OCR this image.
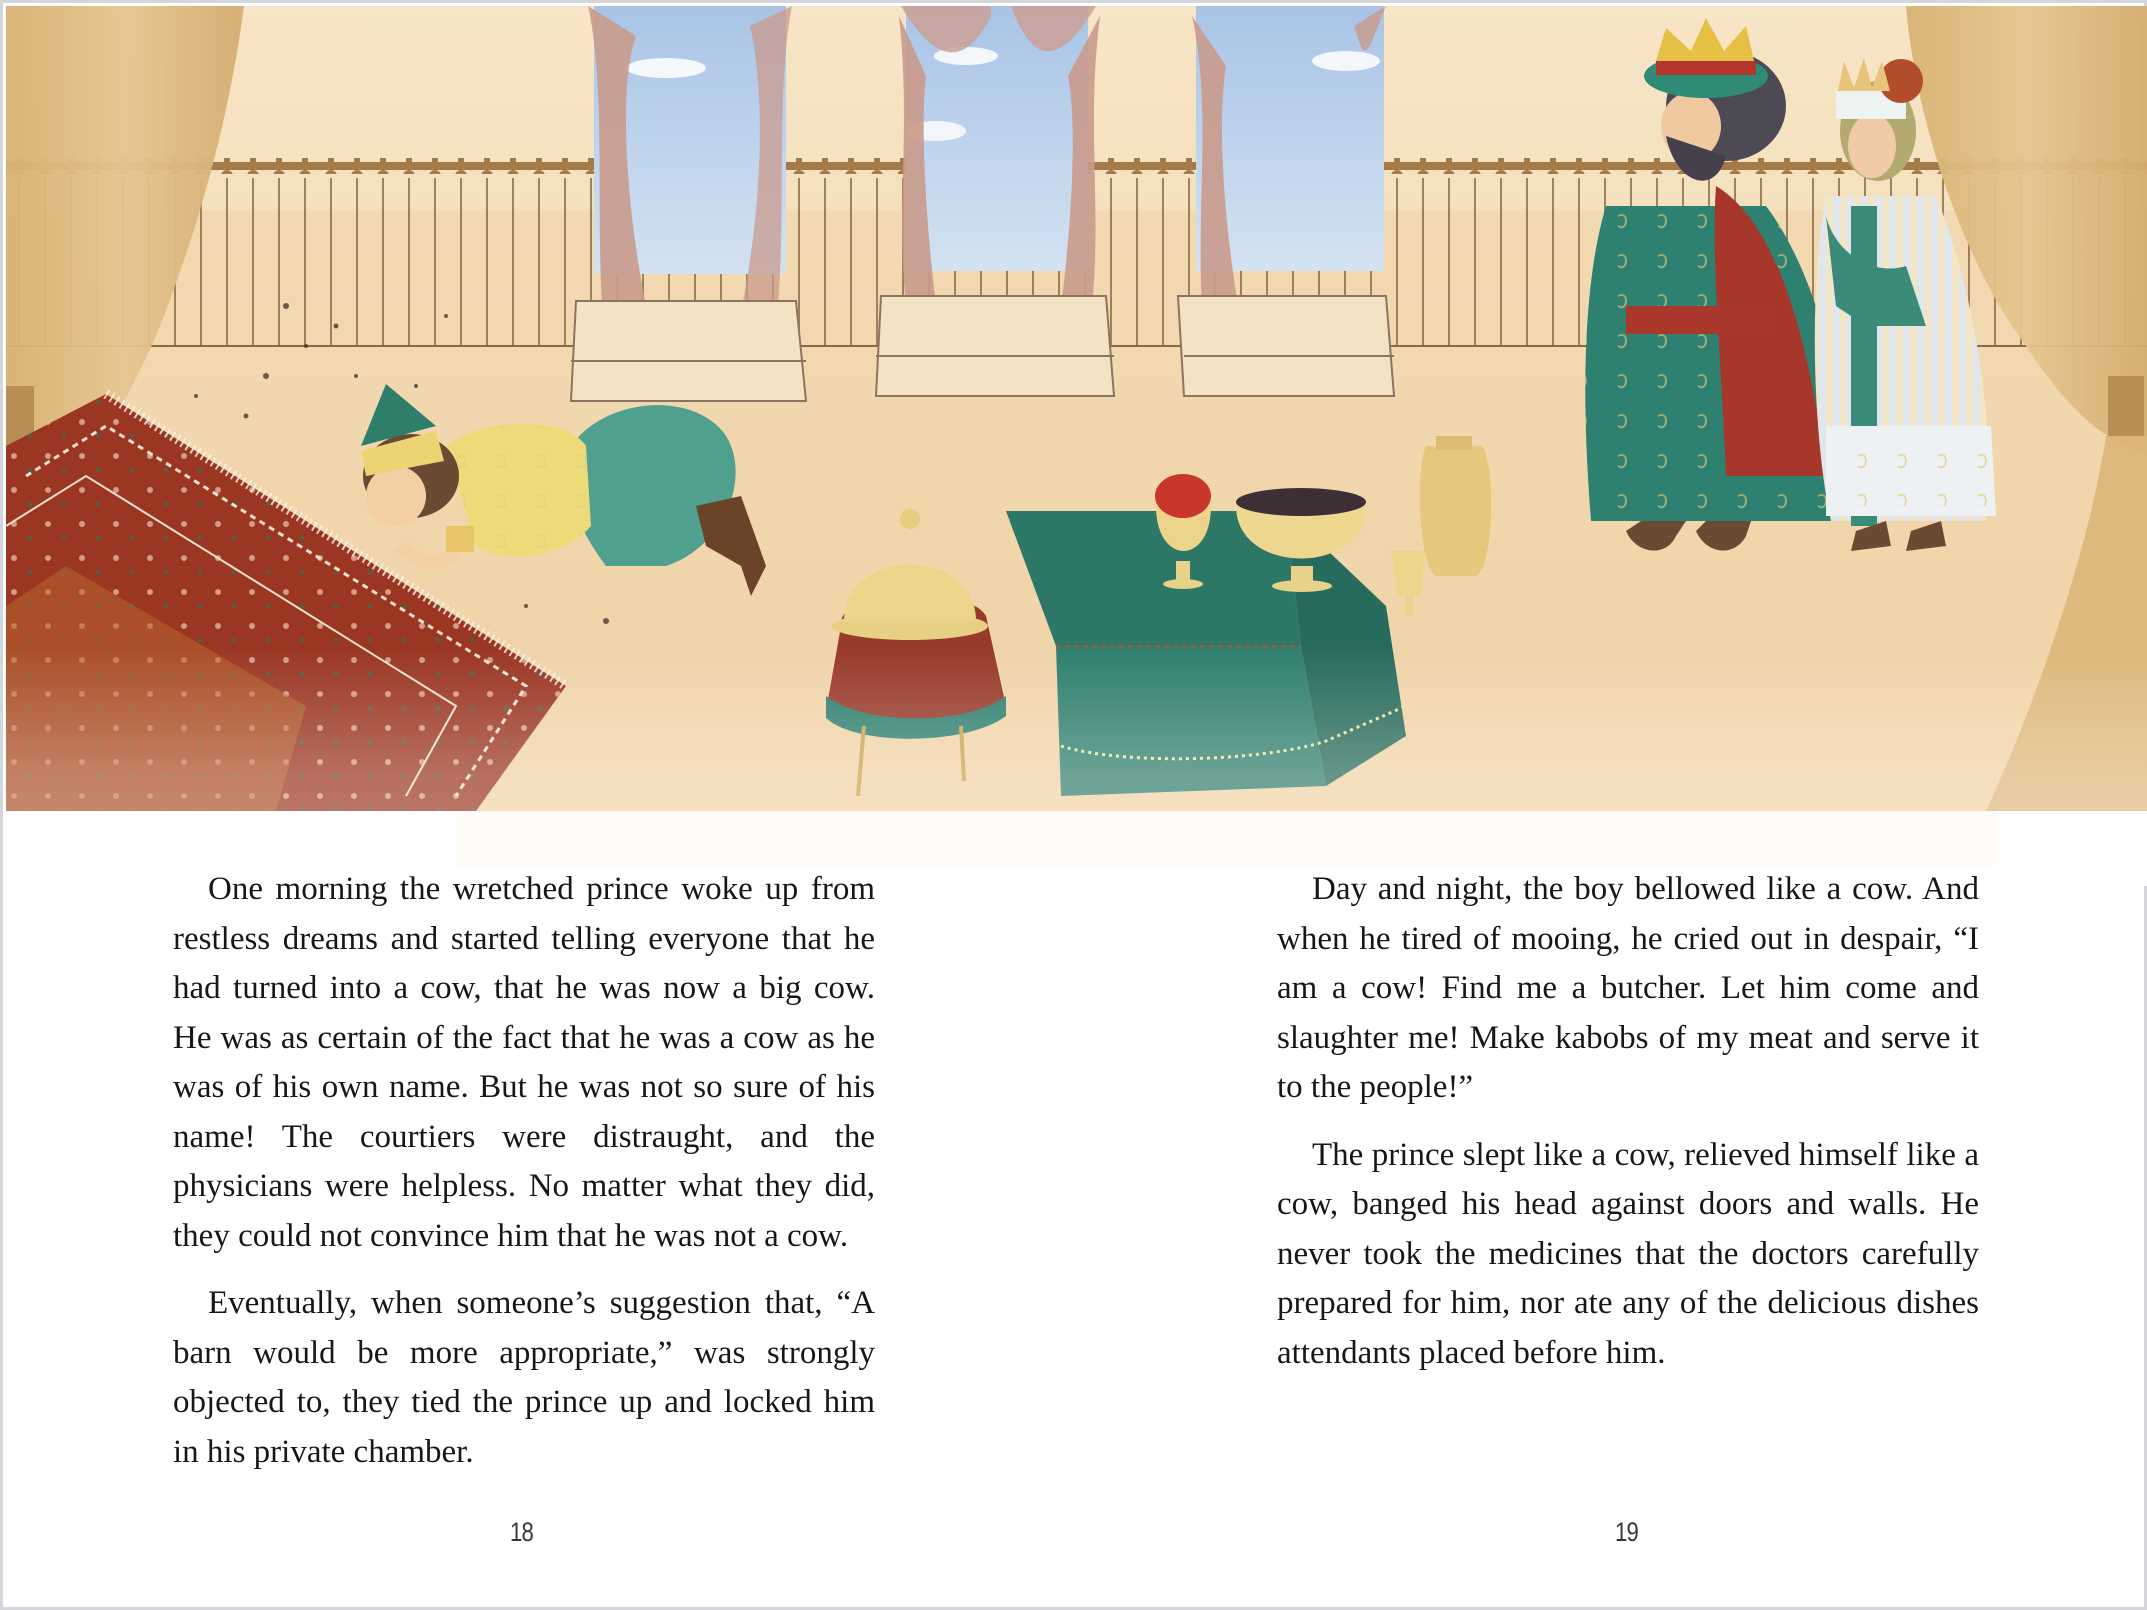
One morning the wretched prince woke up from restless dreams and started telling everyone that he had turned into a cow, that he was now a big cow. He was as certain of the fact that he was a cow as he was of his own name. But he was not so sure of his name! The courtiers were distraught, and the physicians were helpless. No matter what they did, they could not convince him that he was not a cow.

Eventually, when someone’s suggestion that, “A barn would be more appropriate,” was strongly objected to, they tied the prince up and locked him in his private chamber.

Day and night, the boy bellowed like a cow. And when he tired of mooing, he cried out in despair, “I am a cow! Find me a butcher. Let him come and slaughter me! Make kabobs of my meat and serve it to the people!”

The prince slept like a cow, relieved himself like a cow, banged his head against doors and walls. He never took the medicines that the doctors carefully prepared for him, nor ate any of the delicious dishes attendants placed before him.

18	19
